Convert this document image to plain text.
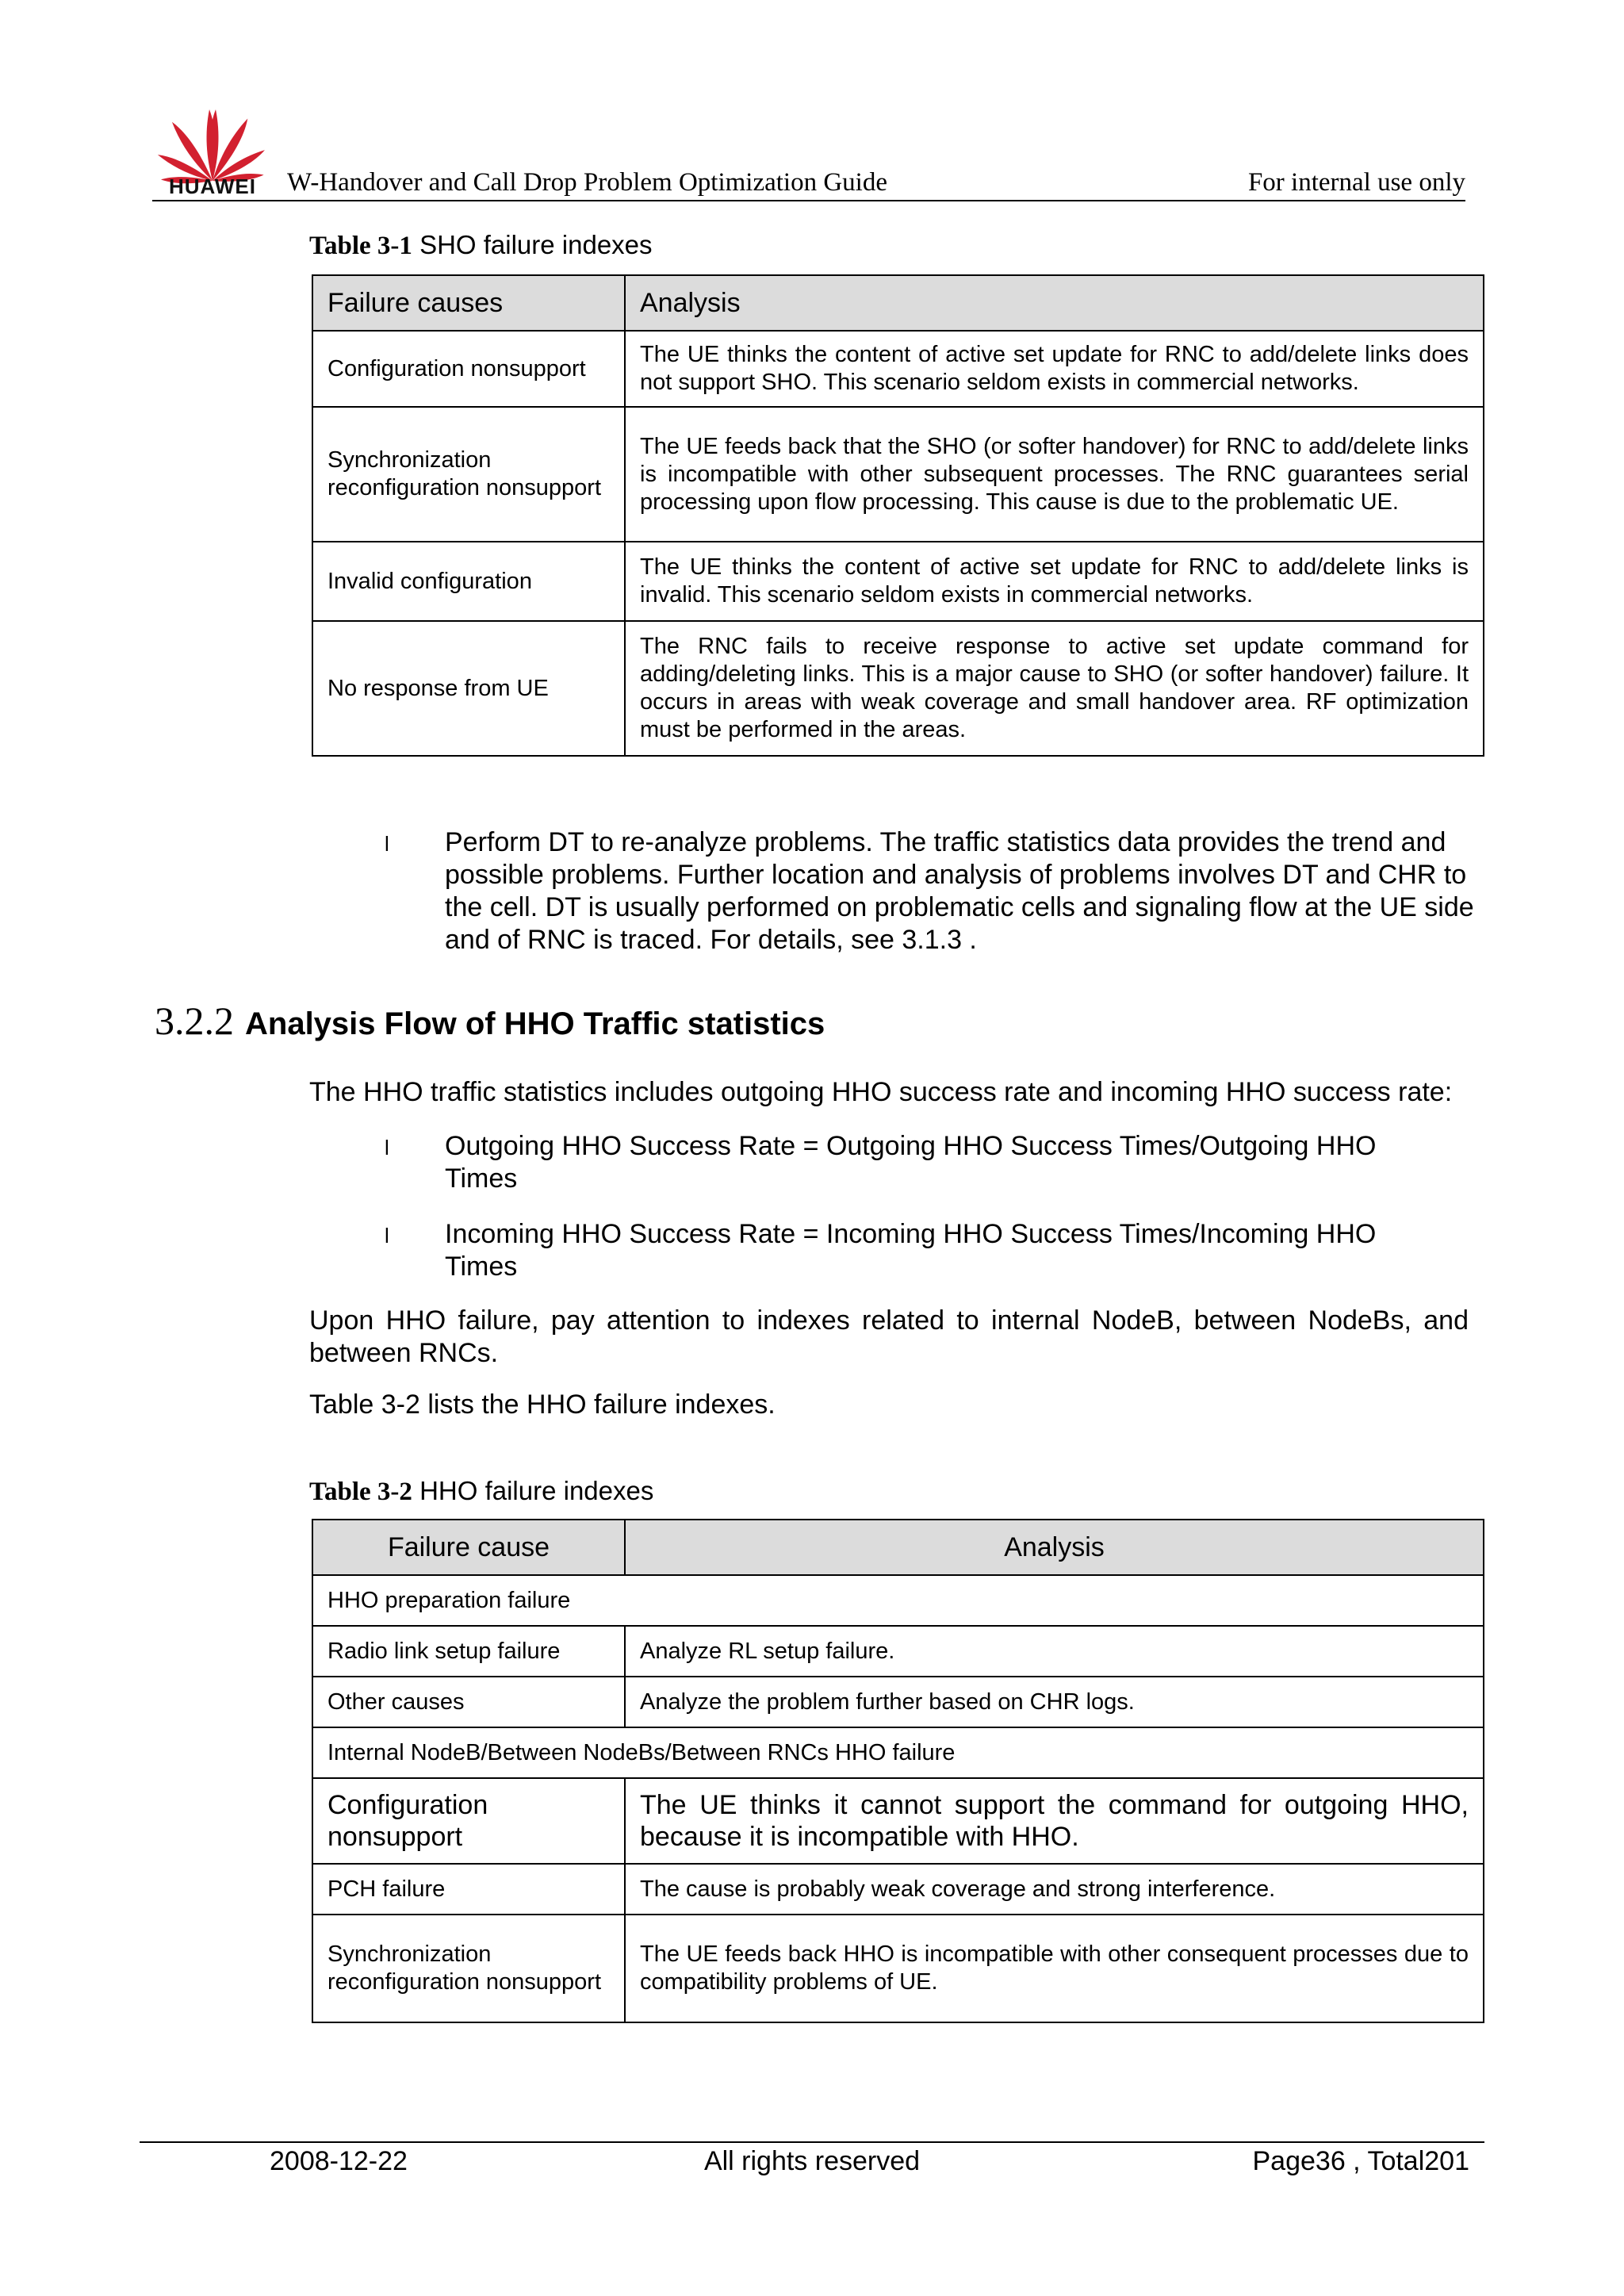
HUAWEI	W-Handover and Call Drop Problem Optimization Guide	For internal use only
Table 3-1 SHO failure indexes
Failure causes	Analysis
Configuration nonsupport	The UE thinks the content of active set update for RNC to add/delete links does not support SHO. This scenario seldom exists in commercial networks.
Synchronization reconfiguration nonsupport	The UE feeds back that the SHO (or softer handover) for RNC to add/delete links is incompatible with other subsequent processes. The RNC guarantees serial processing upon flow processing. This cause is due to the problematic UE.
Invalid configuration	The UE thinks the content of active set update for RNC to add/delete links is invalid. This scenario seldom exists in commercial networks.
No response from UE	The RNC fails to receive response to active set update command for adding/deleting links. This is a major cause to SHO (or softer handover) failure. It occurs in areas with weak coverage and small handover area. RF optimization must be performed in the areas.
l Perform DT to re-analyze problems. The traffic statistics data provides the trend and possible problems. Further location and analysis of problems involves DT and CHR to the cell. DT is usually performed on problematic cells and signaling flow at the UE side and of RNC is traced. For details, see 3.1.3 .
3.2.2 Analysis Flow of HHO Traffic statistics
The HHO traffic statistics includes outgoing HHO success rate and incoming HHO success rate:
l Outgoing HHO Success Rate = Outgoing HHO Success Times/Outgoing HHO Times
l Incoming HHO Success Rate = Incoming HHO Success Times/Incoming HHO Times
Upon HHO failure, pay attention to indexes related to internal NodeB, between NodeBs, and between RNCs.
Table 3-2 lists the HHO failure indexes.
Table 3-2 HHO failure indexes
Failure cause	Analysis
HHO preparation failure	
Radio link setup failure	Analyze RL setup failure.
Other causes	Analyze the problem further based on CHR logs.
Internal NodeB/Between NodeBs/Between RNCs HHO failure	
Configuration nonsupport	The UE thinks it cannot support the command for outgoing HHO, because it is incompatible with HHO.
PCH failure	The cause is probably weak coverage and strong interference.
Synchronization reconfiguration nonsupport	The UE feeds back HHO is incompatible with other consequent processes due to compatibility problems of UE.
2008-12-22	All rights reserved	Page36 , Total201
